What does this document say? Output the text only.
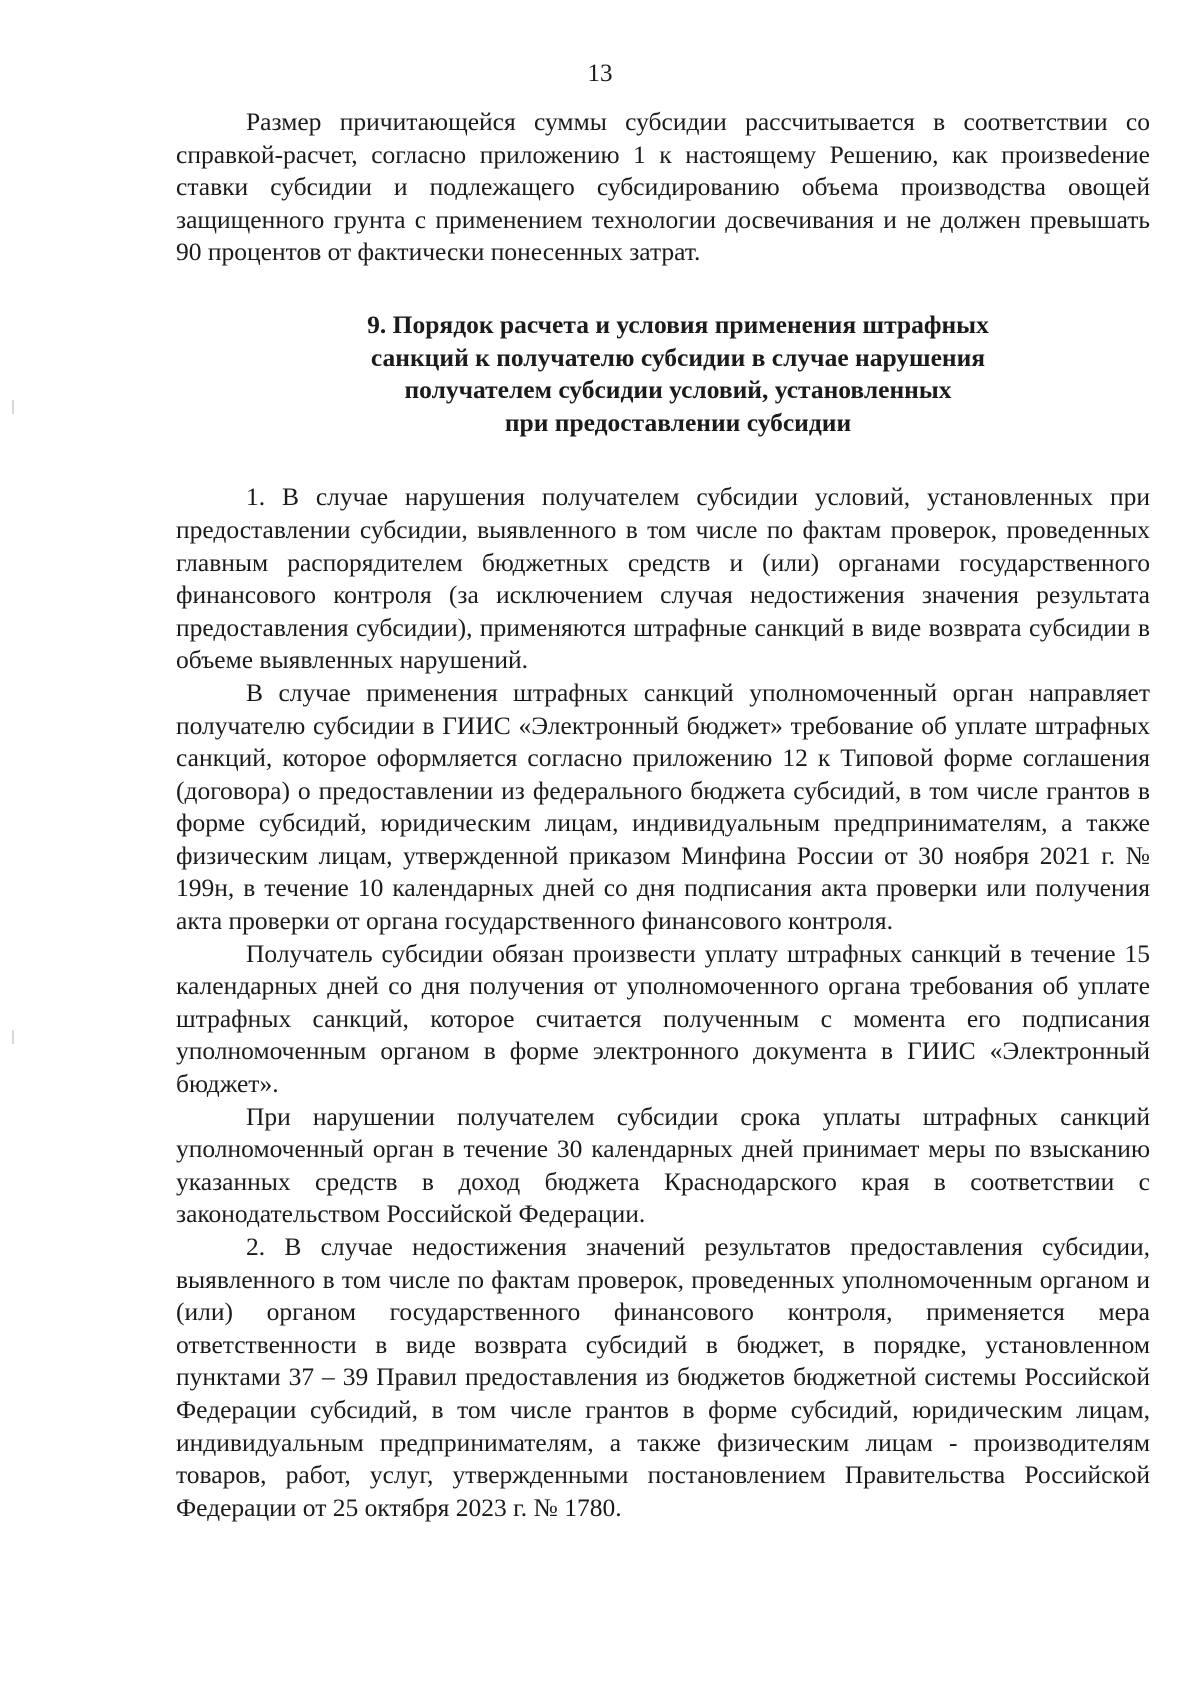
13

Размер причитающейся суммы субсидии рассчитывается в соответствии со справкой-расчет, согласно приложению 1 к настоящему Решению, как произвеdение ставки субсидии и подлежащего субсидированию объема производства овощей защищенного грунта с применением технологии досвечивания и не должен превышать 90 процентов от фактически понесенных затрат.

9. Порядок расчета и условия применения штрафных
санкций к получателю субсидии в случае нарушения
получателем субсидии условий, установленных
при предоставлении субсидии

1. В случае нарушения получателем субсидии условий, установленных при предоставлении субсидии, выявленного в том числе по фактам проверок, проведенных главным распорядителем бюджетных средств и (или) органами государственного финансового контроля (за исключением случая недостижения значения результата предоставления субсидии), применяются штрафные санкций в виде возврата субсидии в объеме выявленных нарушений.

В случае применения штрафных санкций уполномоченный орган направляет получателю субсидии в ГИИС «Электронный бюджет» требование об уплате штрафных санкций, которое оформляется согласно приложению 12 к Типовой форме соглашения (договора) о предоставлении из федерального бюджета субсидий, в том числе грантов в форме субсидий, юридическим лицам, индивидуальным предпринимателям, а также физическим лицам, утвержденной приказом Минфина России от 30 ноября 2021 г. № 199н, в течение 10 календарных дней со дня подписания акта проверки или получения акта проверки от органа государственного финансового контроля.

Получатель субсидии обязан произвести уплату штрафных санкций в течение 15 календарных дней со дня получения от уполномоченного органа требования об уплате штрафных санкций, которое считается полученным с момента его подписания уполномоченным органом в форме электронного документа в ГИИС «Электронный бюджет».

При нарушении получателем субсидии срока уплаты штрафных санкций уполномоченный орган в течение 30 календарных дней принимает меры по взысканию указанных средств в доход бюджета Краснодарского края в соответствии с законодательством Российской Федерации.

2. В случае недостижения значений результатов предоставления субсидии, выявленного в том числе по фактам проверок, проведенных уполномоченным органом и (или) органом государственного финансового контроля, применяется мера ответственности в виде возврата субсидий в бюджет, в порядке, установленном пунктами 37 – 39 Правил предоставления из бюджетов бюджетной системы Российской Федерации субсидий, в том числе грантов в форме субсидий, юридическим лицам, индивидуальным предпринимателям, а также физическим лицам - производителям товаров, работ, услуг, утвержденными постановлением Правительства Российской Федерации от 25 октября 2023 г. № 1780.
